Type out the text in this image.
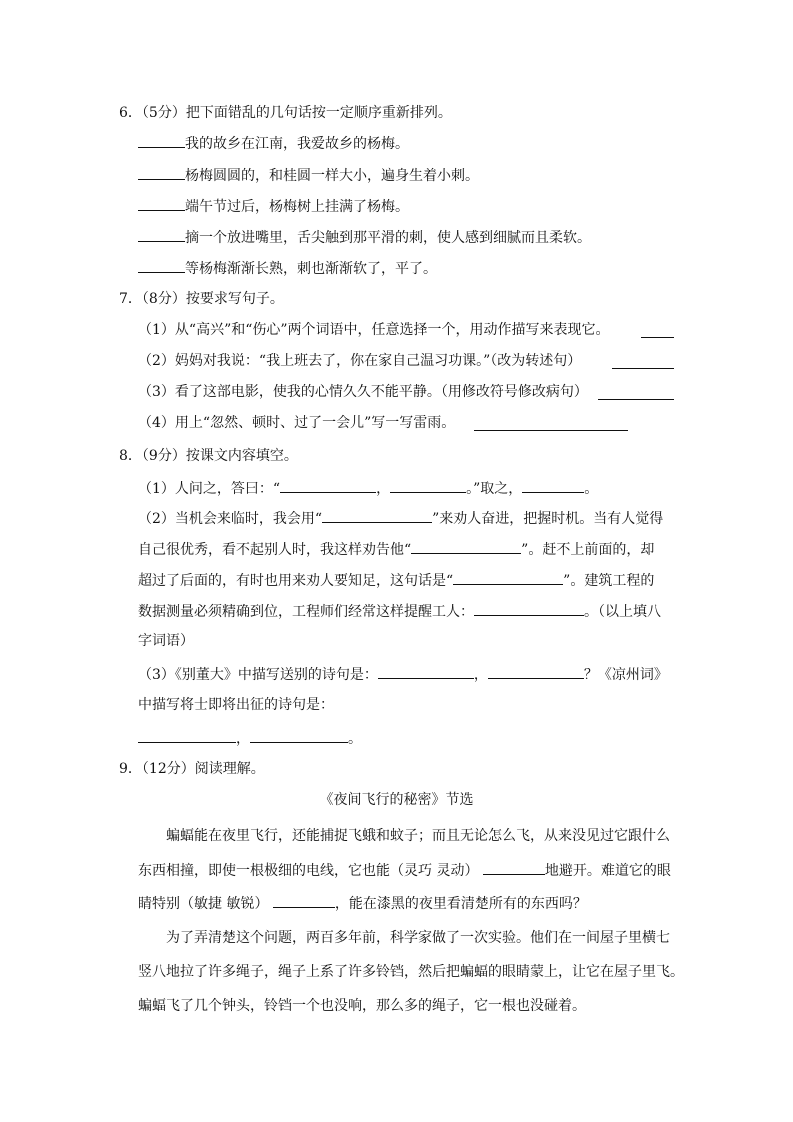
6．（5分）把下面错乱的几句话按一定顺序重新排列。
我的故乡在江南，我爱故乡的杨梅。
杨梅圆圆的，和桂圆一样大小，遍身生着小刺。
端午节过后，杨梅树上挂满了杨梅。
摘一个放进嘴里，舌尖触到那平滑的刺，使人感到细腻而且柔软。
等杨梅渐渐长熟，刺也渐渐软了，平了。
7．（8分）按要求写句子。
（1）从“高兴”和“伤心”两个词语中，任意选择一个，用动作描写来表现它。
（2）妈妈对我说：“我上班去了，你在家自己温习功课。”（改为转述句）
（3）看了这部电影，使我的心情久久不能平静。（用修改符号修改病句）
（4）用上“忽然、顿时、过了一会儿”写一写雷雨。
8．（9分）按课文内容填空。
（1）人问之，答曰：“	，	。”取之，	。
（2）当机会来临时，我会用“	”来劝人奋进，把握时机。当有人觉得
自己很优秀，看不起别人时，我这样劝告他“	”。赶不上前面的，却
超过了后面的，有时也用来劝人要知足，这句话是“	”。建筑工程的
数据测量必须精确到位，工程师们经常这样提醒工人：	。（以上填八
字词语）
（3）《别董大》中描写送别的诗句是：	，	？《凉州词》
中描写将士即将出征的诗句是：
，	。
9．（12分）阅读理解。
《夜间飞行的秘密》节选
蝙蝠能在夜里飞行，还能捕捉飞蛾和蚊子；而且无论怎么飞，从来没见过它跟什么
东西相撞，即使一根极细的电线，它也能（灵巧 灵动）	地避开。难道它的眼
睛特别（敏捷 敏锐）	，能在漆黑的夜里看清楚所有的东西吗？
为了弄清楚这个问题，两百多年前，科学家做了一次实验。他们在一间屋子里横七
竖八地拉了许多绳子，绳子上系了许多铃铛，然后把蝙蝠的眼睛蒙上，让它在屋子里飞。
蝙蝠飞了几个钟头，铃铛一个也没响，那么多的绳子，它一根也没碰着。
